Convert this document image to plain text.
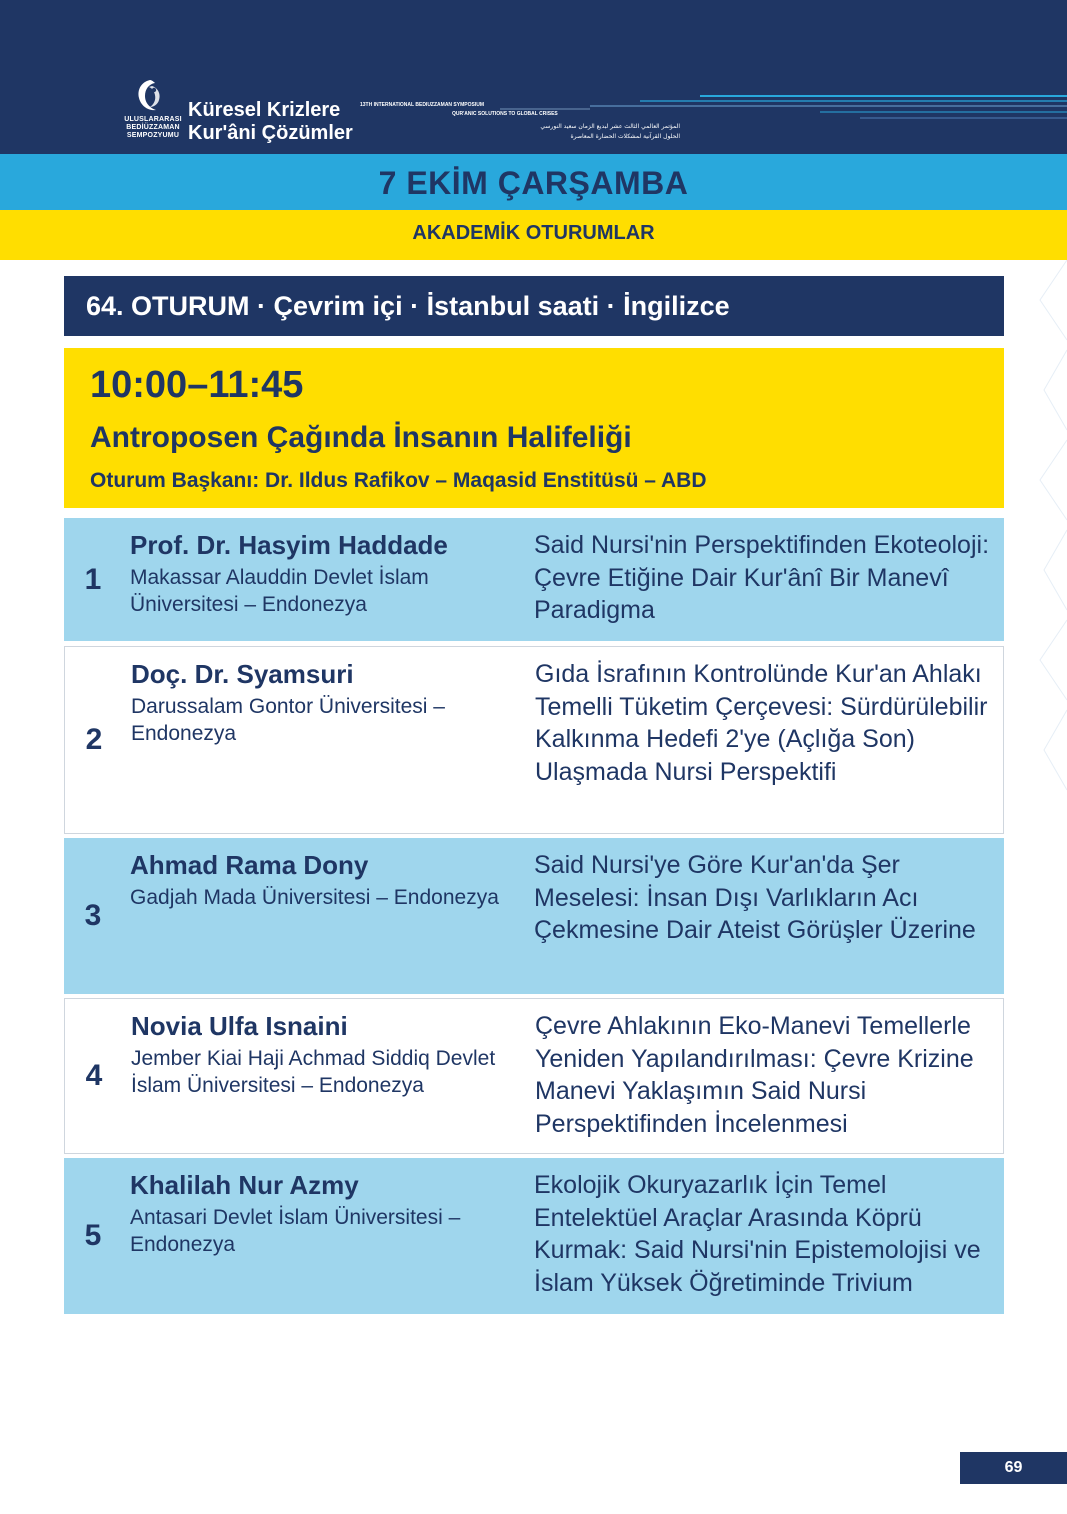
ULUSLARARASI
BEDİÜZZAMAN
SEMPOZYUMU
Küresel Krizlere
Kur'âni Çözümler
13TH INTERNATIONAL BEDIUZZAMAN SYMPOSIUM
QUR'ANIC SOLUTIONS TO GLOBAL CRISES
المؤتمر العالمي الثالث عشر لبديع الزمان سعيد النورسي
الحلول القرآنية لمشكلات الحضارة المعاصرة
7 EKİM ÇARŞAMBA
AKADEMİK OTURUMLAR
64. OTURUM · Çevrim içi · İstanbul saati · İngilizce
10:00–11:45
Antroposen Çağında İnsanın Halifeliği
Oturum Başkanı: Dr. Ildus Rafikov – Maqasid Enstitüsü – ABD
1
Prof. Dr. Hasyim Haddade
Makassar Alauddin Devlet İslam Üniversitesi – Endonezya
Said Nursi'nin Perspektifinden Ekoteoloji: Çevre Etiğine Dair Kur'ânî Bir Manevî Paradigma
2
Doç. Dr. Syamsuri
Darussalam Gontor Üniversitesi – Endonezya
Gıda İsrafının Kontrolünde Kur'an Ahlakı Temelli Tüketim Çerçevesi: Sürdürülebilir Kalkınma Hedefi 2'ye (Açlığa Son) Ulaşmada Nursi Perspektifi
3
Ahmad Rama Dony
Gadjah Mada Üniversitesi – Endonezya
Said Nursi'ye Göre Kur'an'da Şer Meselesi: İnsan Dışı Varlıkların Acı Çekmesine Dair Ateist Görüşler Üzerine
4
Novia Ulfa Isnaini
Jember Kiai Haji Achmad Siddiq Devlet İslam Üniversitesi – Endonezya
Çevre Ahlakının Eko-Manevi Temellerle Yeniden Yapılandırılması: Çevre Krizine Manevi Yaklaşımın Said Nursi Perspektifinden İncelenmesi
5
Khalilah Nur Azmy
Antasari Devlet İslam Üniversitesi – Endonezya
Ekolojik Okuryazarlık İçin Temel Entelektüel Araçlar Arasında Köprü Kurmak: Said Nursi'nin Epistemolojisi ve İslam Yüksek Öğretiminde Trivium
69
